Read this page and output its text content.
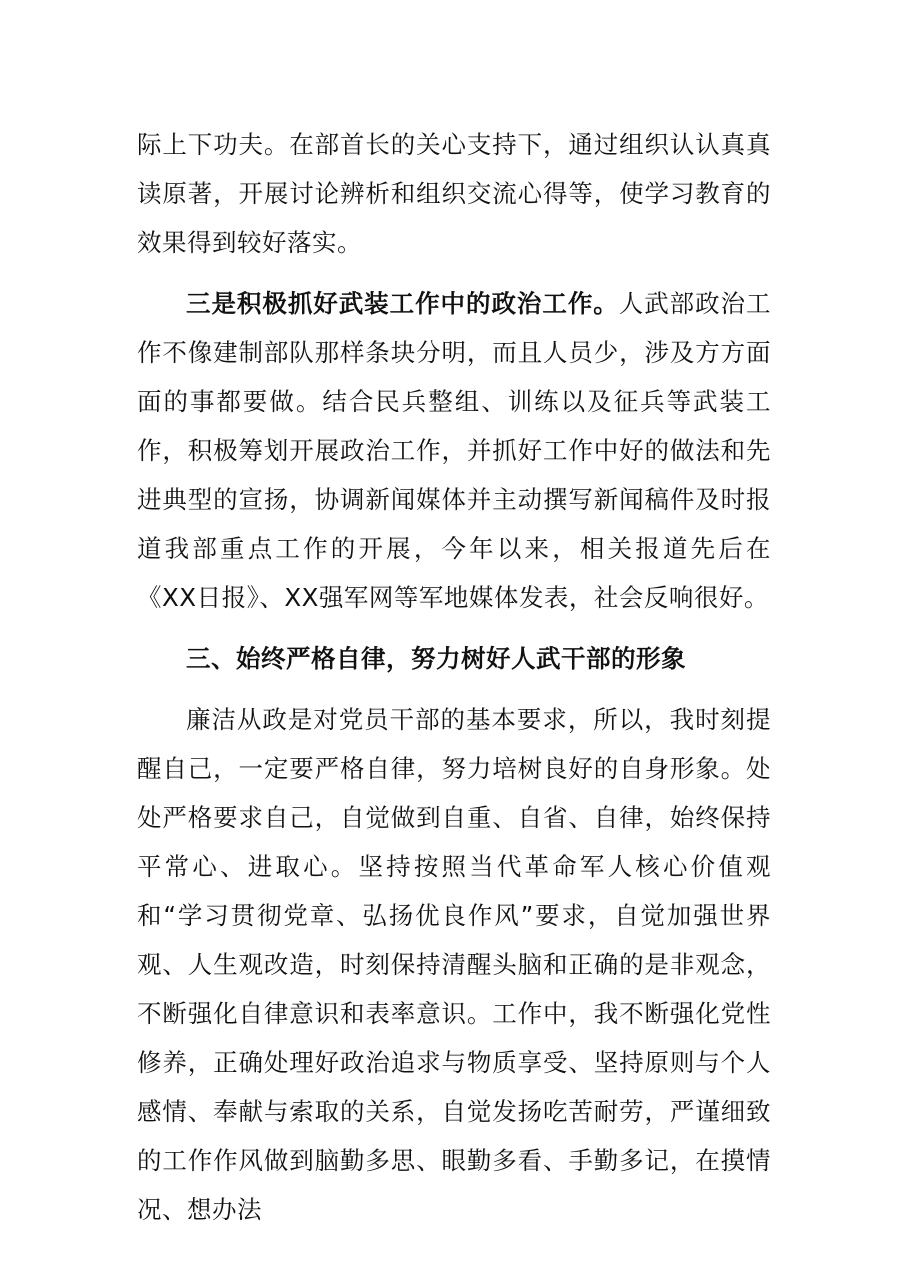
际上下功夫。在部首长的关心支持下，通过组织认认真真读原著，开展讨论辨析和组织交流心得等，使学习教育的效果得到较好落实。

三是积极抓好武装工作中的政治工作。人武部政治工作不像建制部队那样条块分明，而且人员少，涉及方方面面的事都要做。结合民兵整组、训练以及征兵等武装工作，积极筹划开展政治工作，并抓好工作中好的做法和先进典型的宣扬，协调新闻媒体并主动撰写新闻稿件及时报道我部重点工作的开展，今年以来，相关报道先后在《XX日报》、XX强军网等军地媒体发表，社会反响很好。

三、始终严格自律，努力树好人武干部的形象

廉洁从政是对党员干部的基本要求，所以，我时刻提醒自己，一定要严格自律，努力培树良好的自身形象。处处严格要求自己，自觉做到自重、自省、自律，始终保持平常心、进取心。坚持按照当代革命军人核心价值观和“学习贯彻党章、弘扬优良作风”要求，自觉加强世界观、人生观改造，时刻保持清醒头脑和正确的是非观念，不断强化自律意识和表率意识。工作中，我不断强化党性修养，正确处理好政治追求与物质享受、坚持原则与个人感情、奉献与索取的关系，自觉发扬吃苦耐劳，严谨细致的工作作风做到脑勤多思、眼勤多看、手勤多记，在摸情况、想办法
